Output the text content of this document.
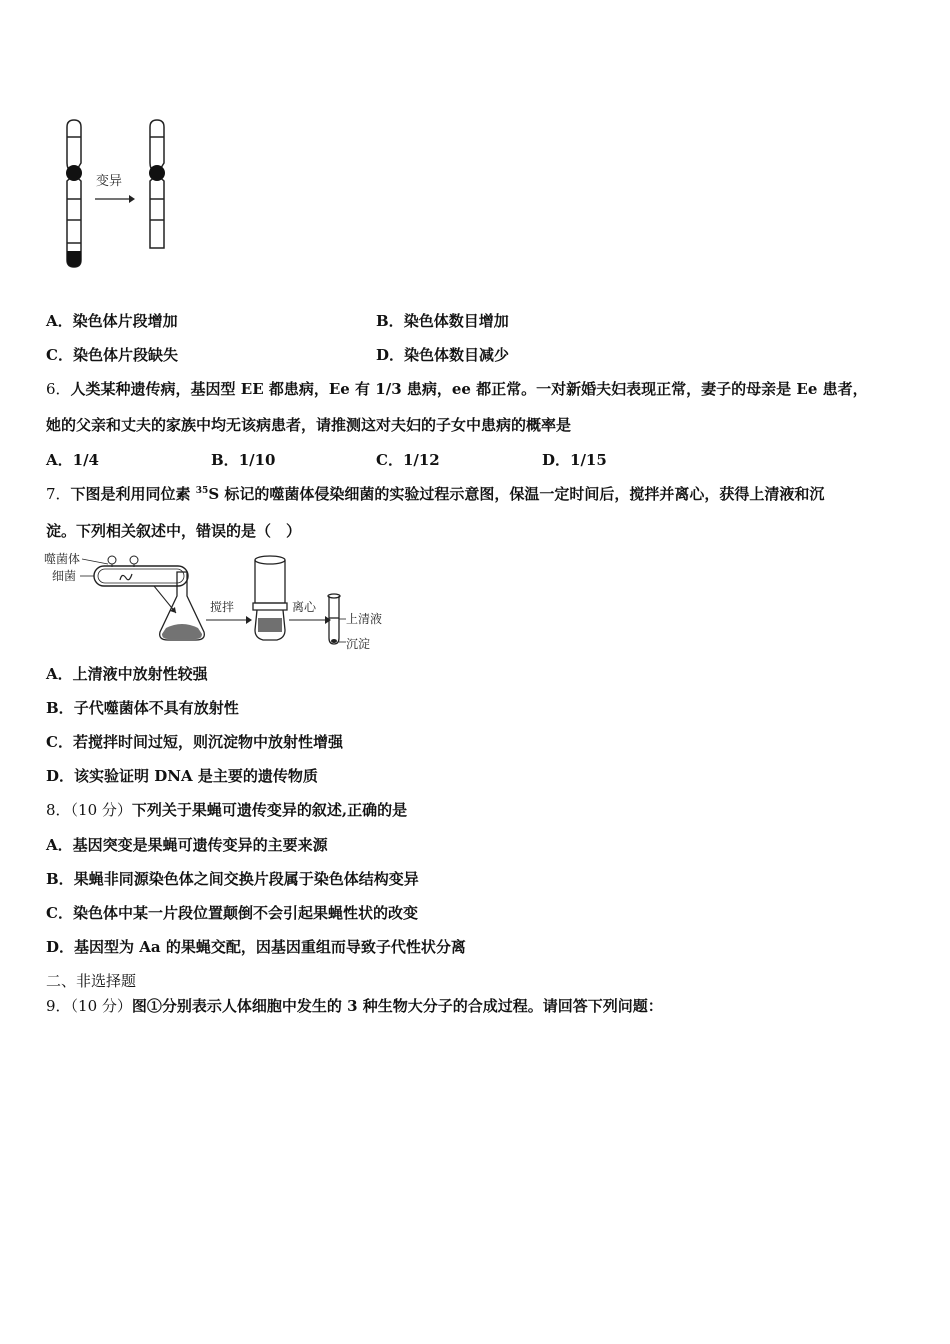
变异
A．染色体片段增加	B．染色体数目增加
C．染色体片段缺失	D．染色体数目减少
6．人类某种遗传病，基因型 EE 都患病，Ee 有 1/3 患病，ee 都正常。一对新婚夫妇表现正常，妻子的母亲是 Ee 患者，
她的父亲和丈夫的家族中均无该病患者，请推测这对夫妇的子女中患病的概率是
A．1/4	B．1/10	C．1/12	D．1/15
7．下图是利用同位素 $^{35}$S 标记的噬菌体侵染细菌的实验过程示意图，保温一定时间后，搅拌并离心，获得上清液和沉
淀。下列相关叙述中，错误的是（　）
噬菌体
细菌
搅拌	离心
上清液
沉淀
A．上清液中放射性较强
B．子代噬菌体不具有放射性
C．若搅拌时间过短，则沉淀物中放射性增强
D．该实验证明 DNA 是主要的遗传物质
8．（10 分）下列关于果蝇可遗传变异的叙述,正确的是
A．基因突变是果蝇可遗传变异的主要来源
B．果蝇非同源染色体之间交换片段属于染色体结构变异
C．染色体中某一片段位置颠倒不会引起果蝇性状的改变
D．基因型为 Aa 的果蝇交配，因基因重组而导致子代性状分离
二、非选择题
9．（10 分）图①分别表示人体细胞中发生的 3 种生物大分子的合成过程。请回答下列问题：
